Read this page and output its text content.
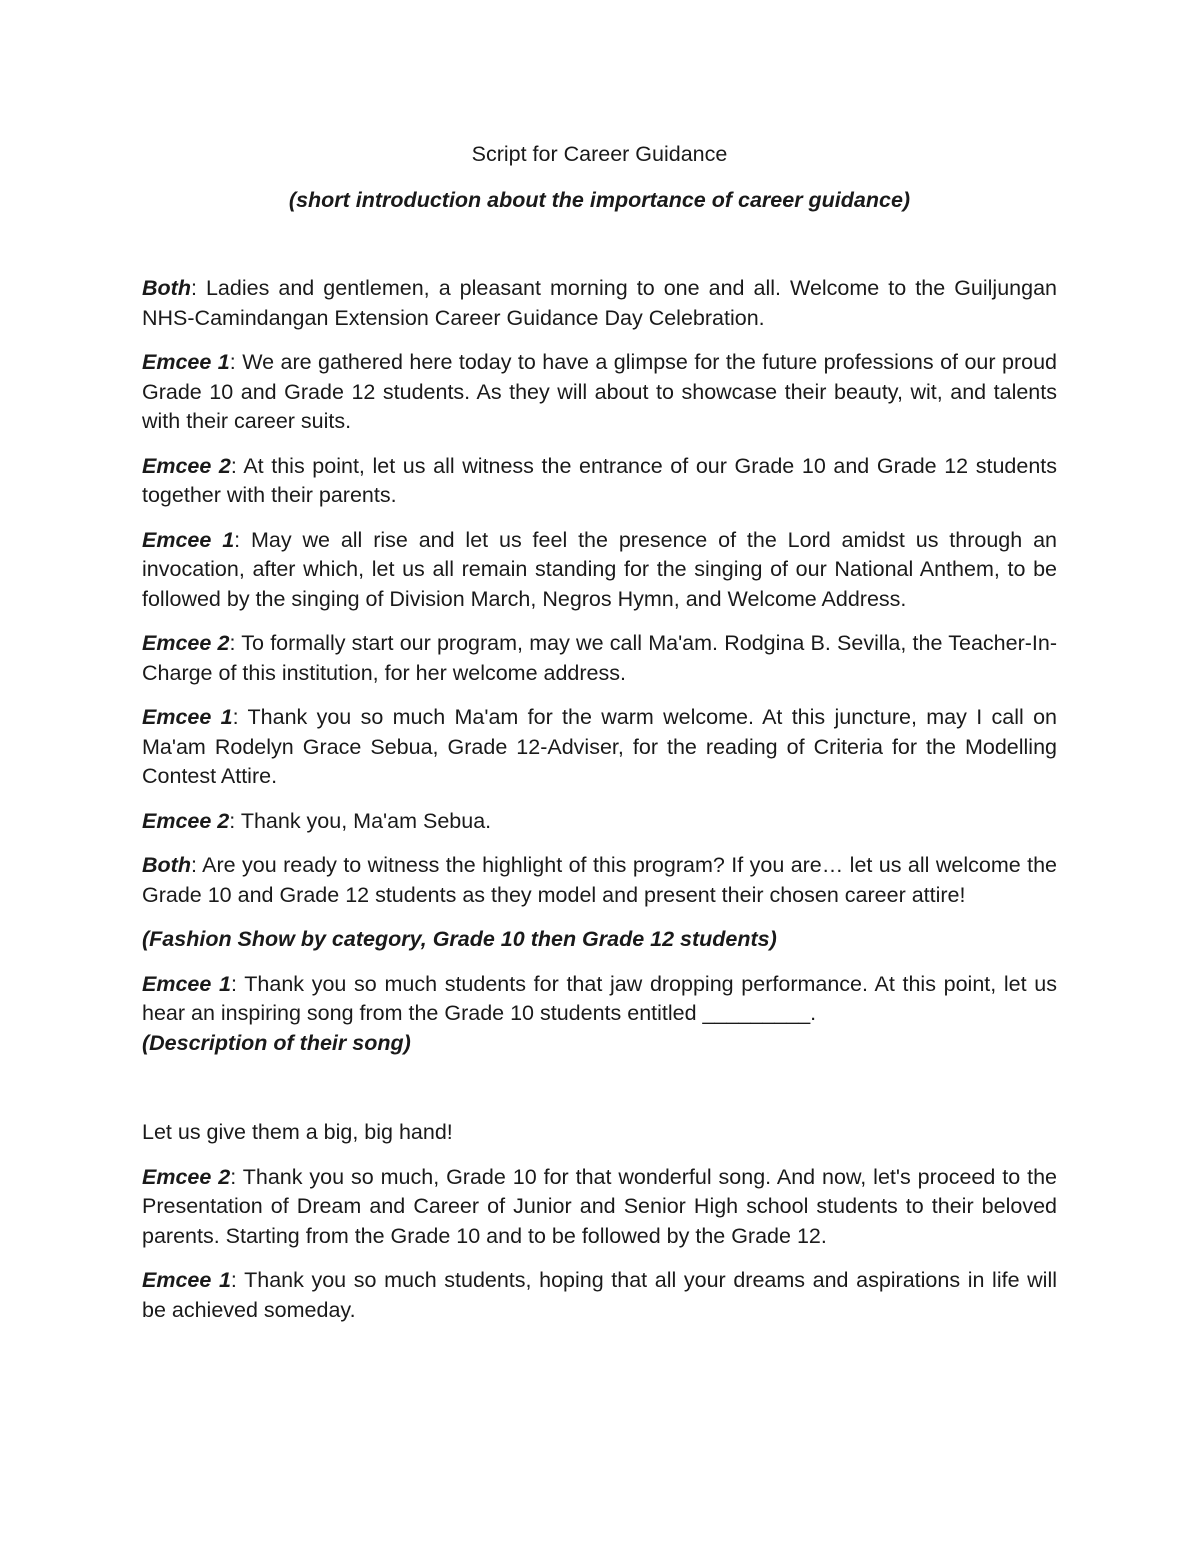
Script for Career Guidance

(short introduction about the importance of career guidance)

Both: Ladies and gentlemen, a pleasant morning to one and all. Welcome to the Guiljungan NHS-Camindangan Extension Career Guidance Day Celebration.

Emcee 1: We are gathered here today to have a glimpse for the future professions of our proud Grade 10 and Grade 12 students. As they will about to showcase their beauty, wit, and talents with their career suits.

Emcee 2: At this point, let us all witness the entrance of our Grade 10 and Grade 12 students together with their parents.

Emcee 1: May we all rise and let us feel the presence of the Lord amidst us through an invocation, after which, let us all remain standing for the singing of our National Anthem, to be followed by the singing of Division March, Negros Hymn, and Welcome Address.

Emcee 2: To formally start our program, may we call Ma'am. Rodgina B. Sevilla, the Teacher-In-Charge of this institution, for her welcome address.

Emcee 1: Thank you so much Ma'am for the warm welcome. At this juncture, may I call on Ma'am Rodelyn Grace Sebua, Grade 12-Adviser, for the reading of Criteria for the Modelling Contest Attire.

Emcee 2: Thank you, Ma'am Sebua.

Both: Are you ready to witness the highlight of this program? If you are… let us all welcome the Grade 10 and Grade 12 students as they model and present their chosen career attire!

(Fashion Show by category, Grade 10 then Grade 12 students)

Emcee 1: Thank you so much students for that jaw dropping performance. At this point, let us hear an inspiring song from the Grade 10 students entitled _________.
(Description of their song)

Let us give them a big, big hand!

Emcee 2: Thank you so much, Grade 10 for that wonderful song. And now, let's proceed to the Presentation of Dream and Career of Junior and Senior High school students to their beloved parents. Starting from the Grade 10 and to be followed by the Grade 12.

Emcee 1: Thank you so much students, hoping that all your dreams and aspirations in life will be achieved someday.
